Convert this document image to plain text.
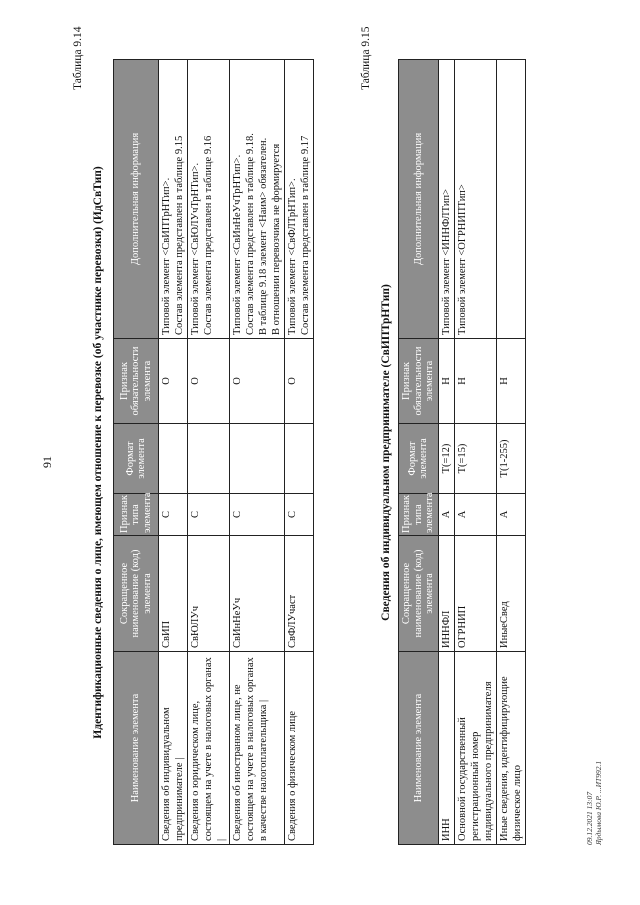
91
Таблица 9.14
Идентификационные сведения о лице, имеющем отношение к перевозке (об участнике перевозки) (ИдСвТип)
Наименование элемента	Сокращенное наименование (код) элемента	Признак типа элемента	Формат элемента	Признак обязательности элемента	Дополнительная информация
Сведения об индивидуальном предпринимателе |	СвИП	С		О	Типовой элемент <СвИПТрНТип>.
Состав элемента представлен в таблице 9.15
Сведения о юридическом лице, состоящем на учете в налоговых органах |	СвЮЛУч	С		О	Типовой элемент <СвЮЛУчТрНТип>.
Состав элемента представлен в таблице 9.16
Сведения об иностранном лице, не состоящем на учете в налоговых органах в качестве налогоплательщика |	СвИнНеУч	С		О	Типовой элемент <СвИнНеУчТрНТип>.
Состав элемента представлен в таблице 9.18.
В таблице 9.18 элемент <Наим> обязателен.
В отношении перевозчика не формируется
Сведения о физическом лице	СвФЛУчаст	С		О	Типовой элемент <СвФЛТрНТип>.
Состав элемента представлен в таблице 9.17
Таблица 9.15
Сведения об индивидуальном предпринимателе (СвИПТрНТип)
Наименование элемента	Сокращенное наименование (код) элемента	Признак типа элемента	Формат элемента	Признак обязательности элемента	Дополнительная информация
ИНН	ИННФЛ	А	Т(=12)	Н	Типовой элемент <ИННФЛТип>
Основной государственный регистрационный номер индивидуального предпринимателя	ОГРНИП	А	Т(=15)	Н	Типовой элемент <ОГРНИПТип>
Иные сведения, идентифицирующие физическое лицо	ИныеСвед	А	Т(1-255)	Н	
09.12.2021 13:07 Ярдымова Ю.Р. ...ИТ992.1
